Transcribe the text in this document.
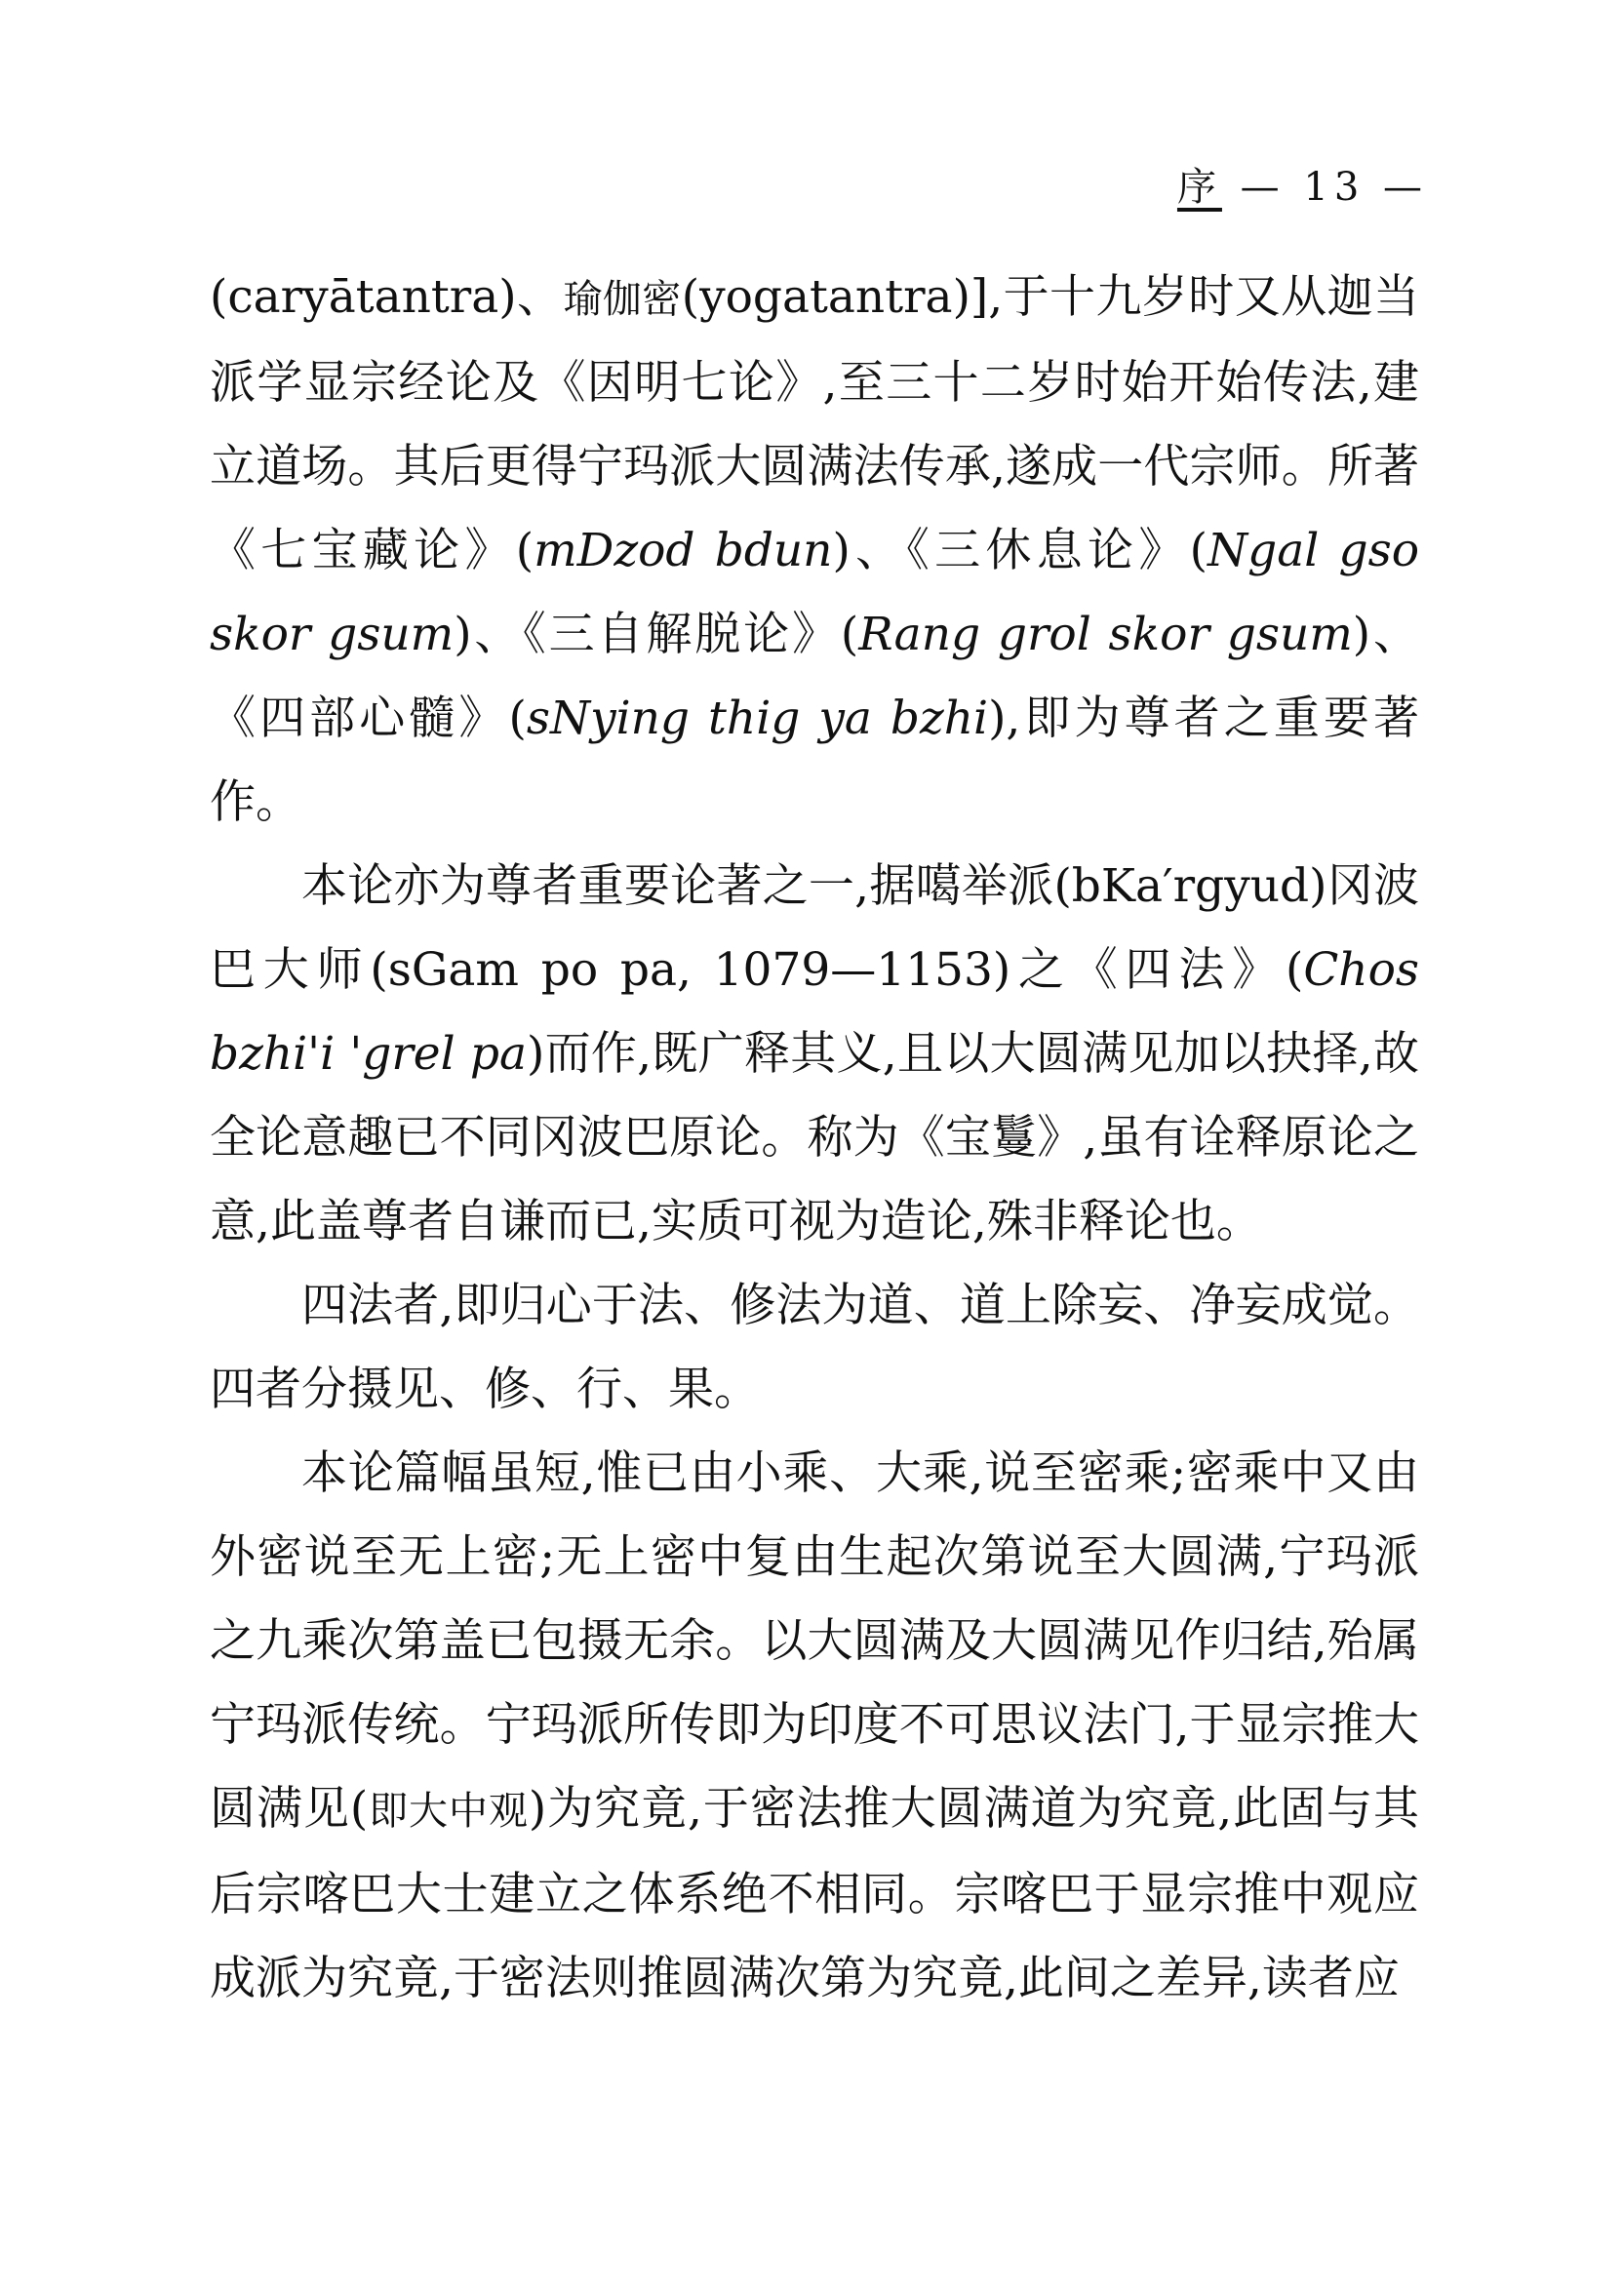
序 — 13 —

(caryātantra)、瑜伽密(yogatantra)],于十九岁时又从迦当派学显宗经论及《因明七论》,至三十二岁时始开始传法,建立道场。其后更得宁玛派大圆满法传承,遂成一代宗师。所著《七宝藏论》(mDzod bdun)、《三休息论》(Ngal gso skor gsum)、《三自解脱论》(Rang grol skor gsum)、《四部心髓》(sNying thig ya bzhi),即为尊者之重要著作。

本论亦为尊者重要论著之一,据噶举派(bKa′rgyud)冈波巴大师(sGam po pa, 1079—1153)之《四法》(Chos bzhi'i 'grel pa)而作,既广释其义,且以大圆满见加以抉择,故全论意趣已不同冈波巴原论。称为《宝鬘》,虽有诠释原论之意,此盖尊者自谦而已,实质可视为造论,殊非释论也。

四法者,即归心于法、修法为道、道上除妄、净妄成觉。四者分摄见、修、行、果。

本论篇幅虽短,惟已由小乘、大乘,说至密乘;密乘中又由外密说至无上密;无上密中复由生起次第说至大圆满,宁玛派之九乘次第盖已包摄无余。以大圆满及大圆满见作归结,殆属宁玛派传统。宁玛派所传即为印度不可思议法门,于显宗推大圆满见(即大中观)为究竟,于密法推大圆满道为究竟,此固与其后宗喀巴大士建立之体系绝不相同。宗喀巴于显宗推中观应成派为究竟,于密法则推圆满次第为究竟,此间之差异,读者应
